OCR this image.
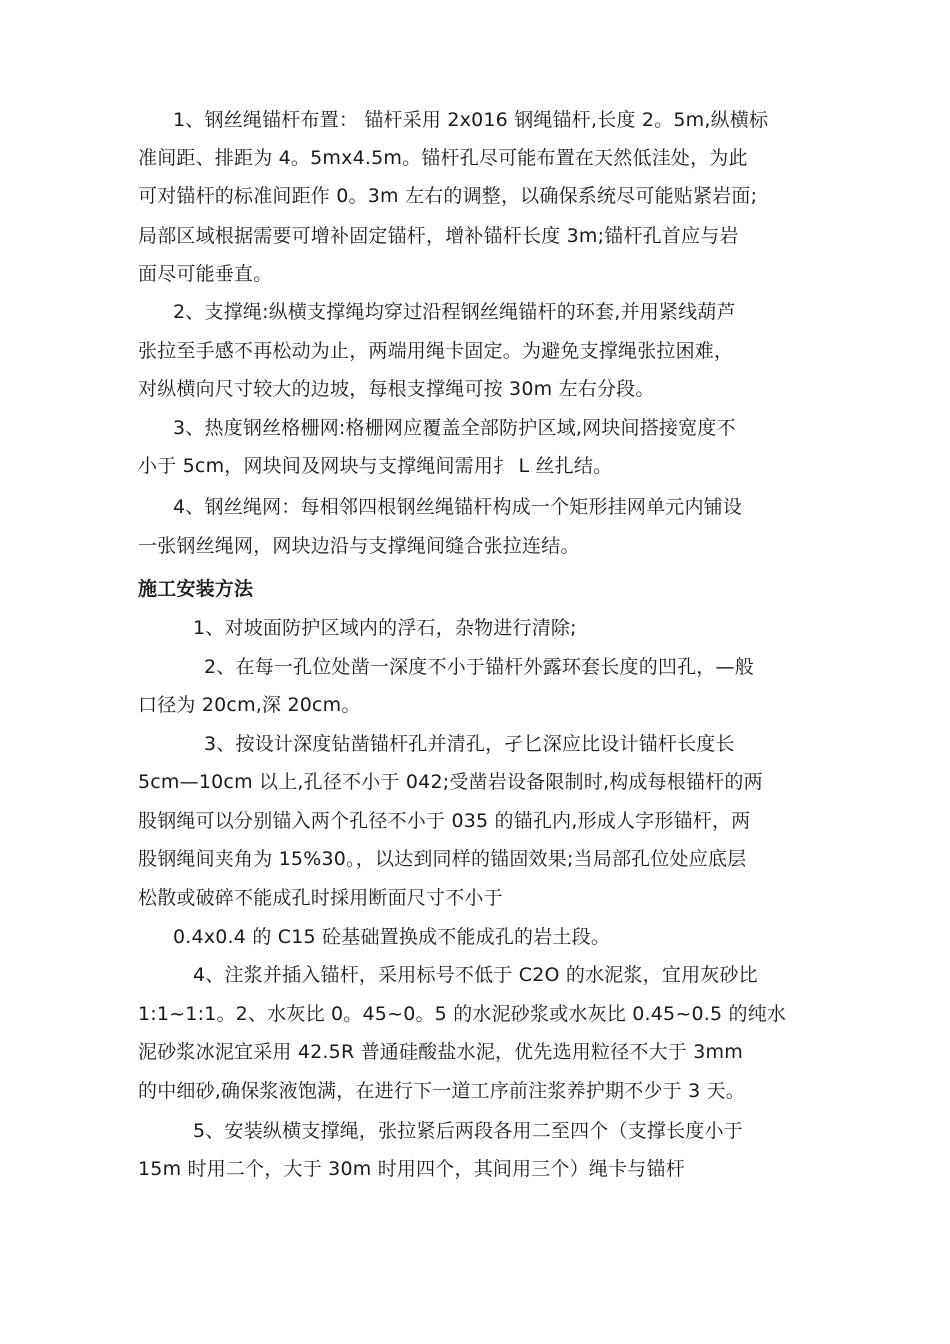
1、钢丝绳锚杆布置： 锚杆采用 2x016 钢绳锚杆,长度 2。5m,纵横标
准间距、排距为 4。5mx4.5m。锚杆孔尽可能布置在天然低洼处，为此
可对锚杆的标准间距作 0。3m 左右的调整，以确保系统尽可能贴紧岩面;
局部区域根据需要可增补固定锚杆，增补锚杆长度 3m;锚杆孔首应与岩
面尽可能垂直。
2、支撑绳:纵横支撑绳均穿过沿程钢丝绳锚杆的环套,并用紧线葫芦
张拉至手感不再松动为止，两端用绳卡固定。为避免支撑绳张拉困难，
对纵横向尺寸较大的边坡，每根支撑绳可按 30m 左右分段。
3、热度钢丝格栅网:格栅网应覆盖全部防护区域,网块间搭接宽度不
小于 5cm，网块间及网块与支撑绳间需用扌 L 丝扎结。
4、钢丝绳网：每相邻四根钢丝绳锚杆构成一个矩形挂网单元内铺设
一张钢丝绳网，网块边沿与支撑绳间缝合张拉连结。
施工安装方法
1、对坡面防护区域内的浮石，杂物进行清除;
2、在每一孔位处凿一深度不小于锚杆外露环套长度的凹孔，—般
口径为 20cm,深 20cm。
3、按设计深度钻凿锚杆孔并清孔，孑匕深应比设计锚杆长度长
5cm—10cm 以上,孔径不小于 042;受凿岩设备限制时,构成每根锚杆的两
股钢绳可以分别锚入两个孔径不小于 035 的锚孔内,形成人字形锚杆，两
股钢绳间夹角为 15%30。，以达到同样的锚固效果;当局部孔位处应底层
松散或破碎不能成孔时採用断面尺寸不小于
0.4x0.4 的 C15 砼基础置换成不能成孔的岩土段。
4、注浆并插入锚杆，采用标号不低于 C2O 的水泥浆，宜用灰砂比
1:1~1:1。2、水灰比 0。45~0。5 的水泥砂浆或水灰比 0.45~0.5 的纯水
泥砂浆冰泥宜采用 42.5R 普通硅酸盐水泥，优先选用粒径不大于 3mm
的中细砂,确保浆液饱满，在进行下一道工序前注浆养护期不少于 3 天。
5、安装纵横支撑绳，张拉紧后两段各用二至四个（支撑长度小于
15m 时用二个，大于 30m 时用四个，其间用三个）绳卡与锚杆
